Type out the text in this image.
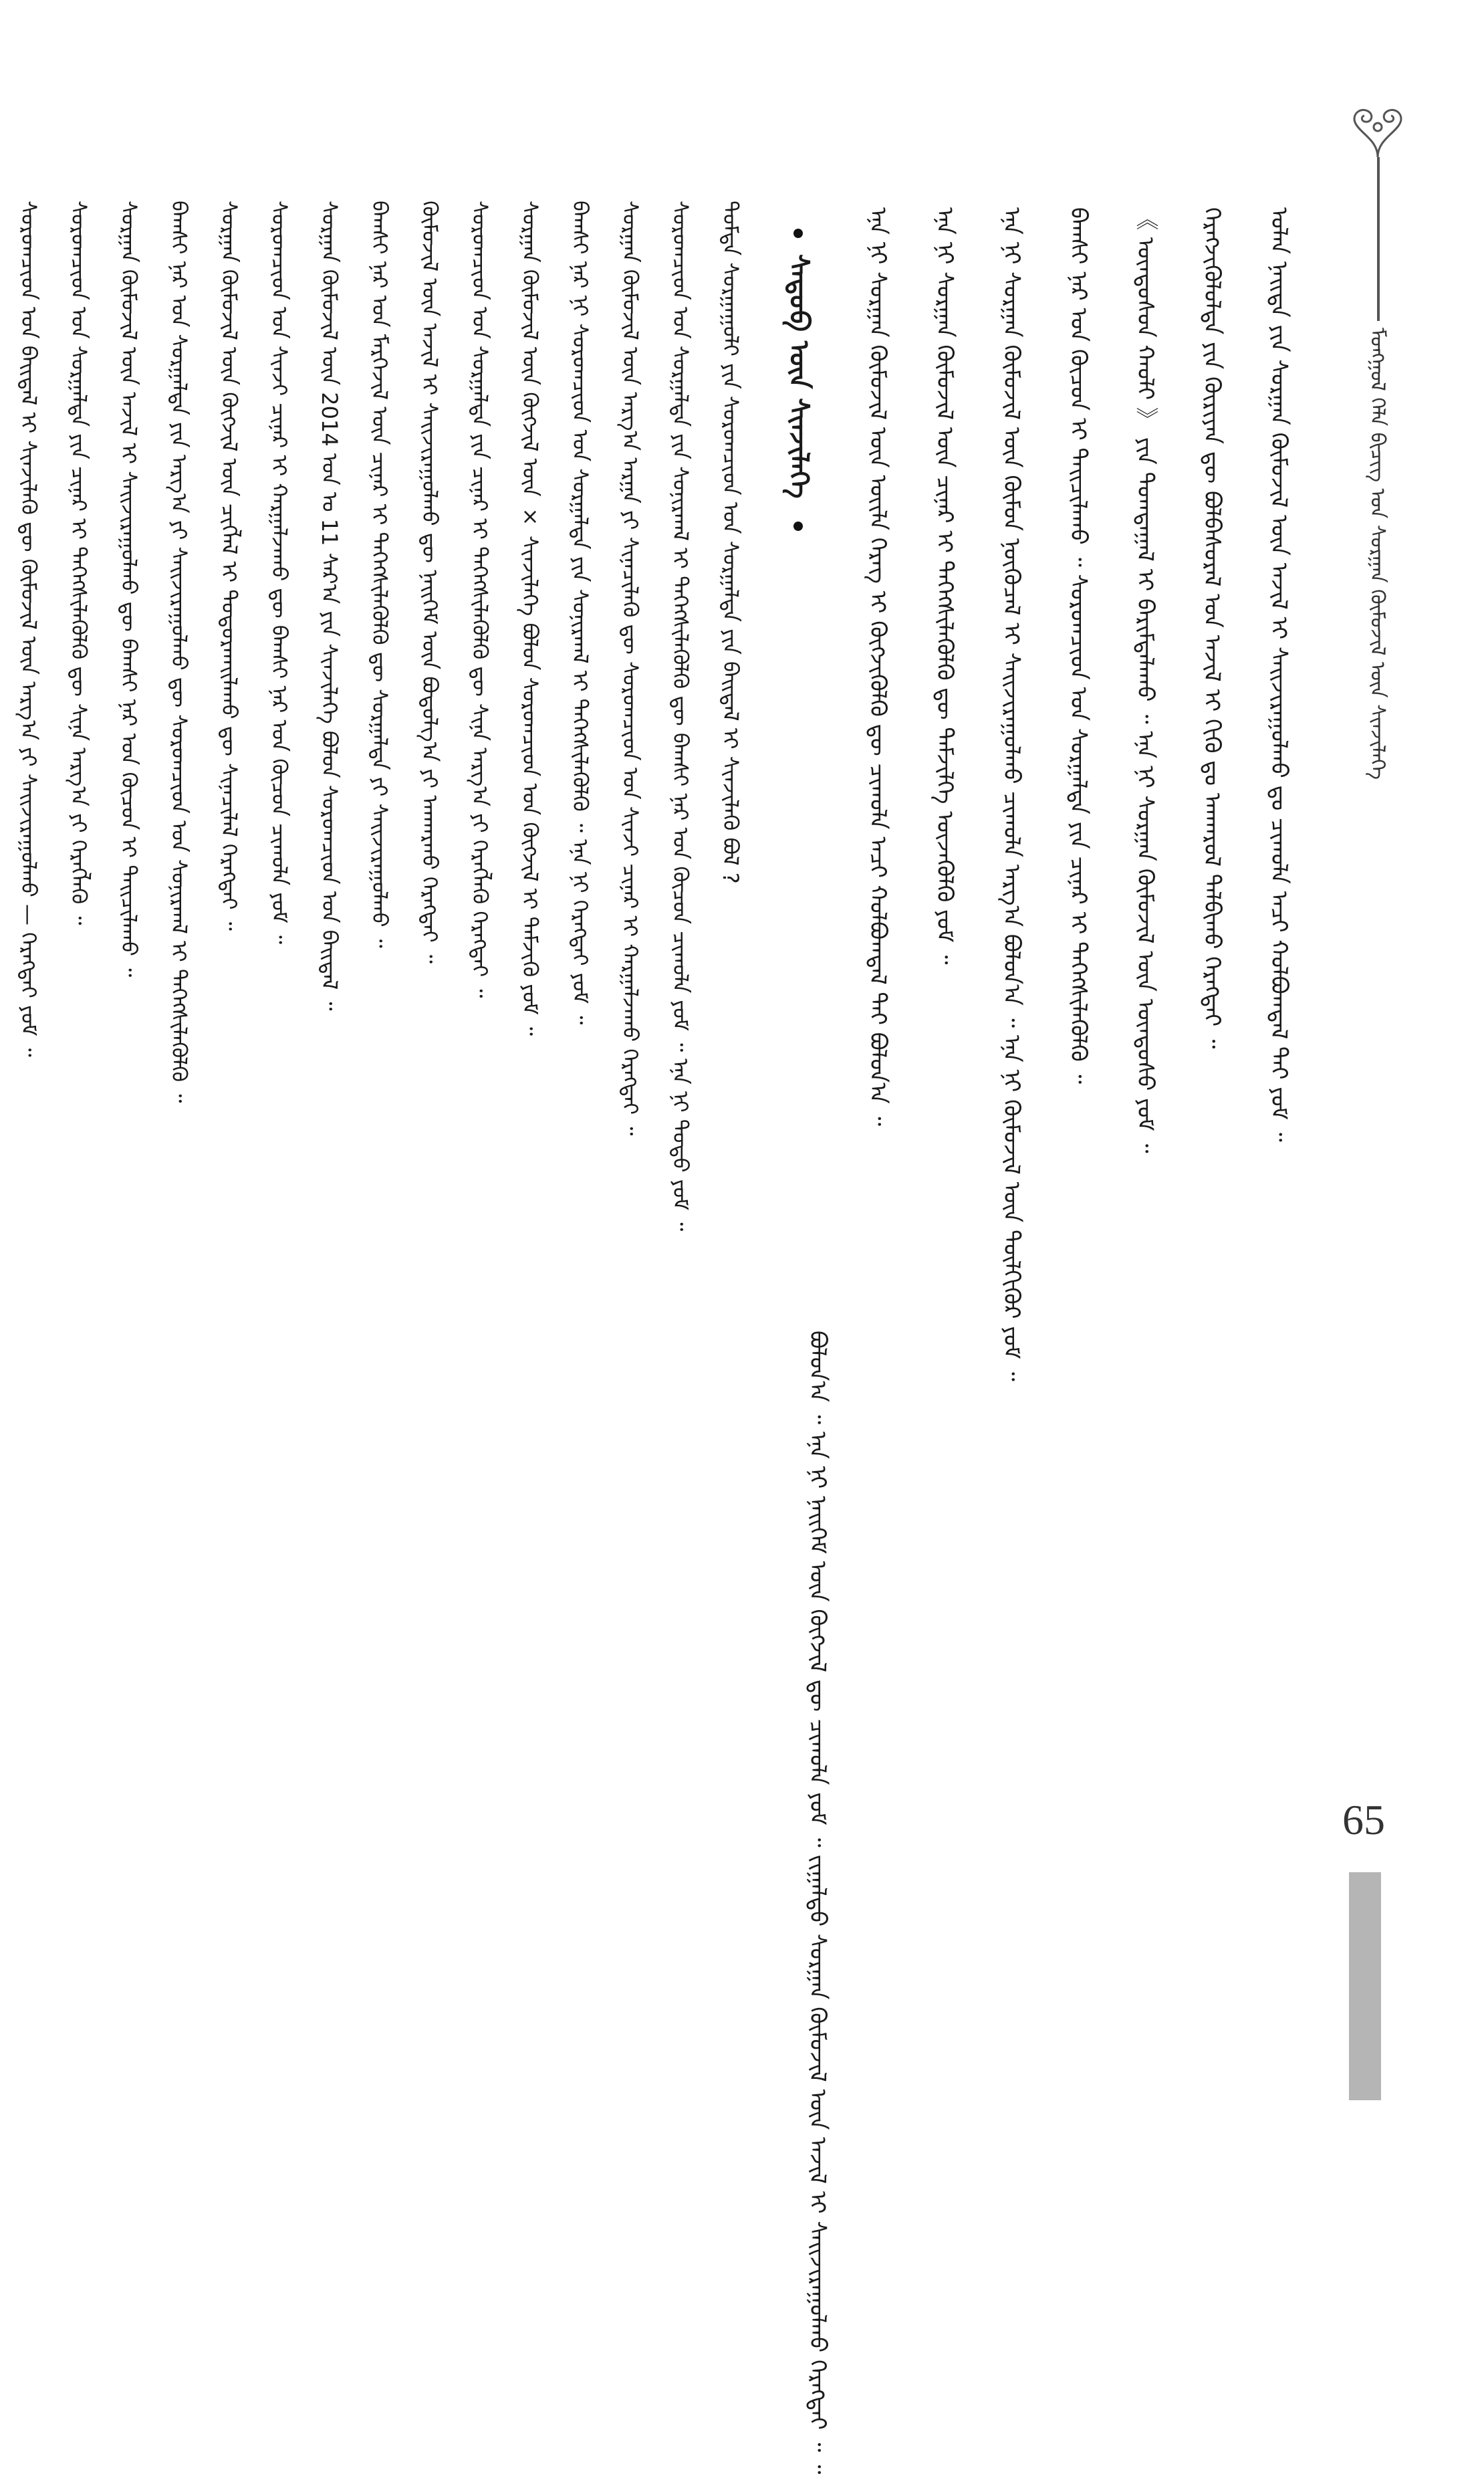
ᠮᠣᠩᠭᠣᠯ ᠬᠡᠯᠡ ᠪᠢᠴᠢᠭ ᠤᠨ ᠰᠤᠷᠭᠠᠨ ᠬᠦᠮᠦᠵᠢᠯ ᠦᠨ ᠰᠢᠨᠵᠢᠯᠡᠭᠡ
65
ᠣᠯᠠᠨ ᠨᠡᠢᠲᠡ ᠶᠢᠨ ᠰᠤᠷᠭᠠᠨ ᠬᠦᠮᠦᠵᠢᠯ ᠦᠨ ᠠᠵᠢᠯ ᠢ ᠰᠠᠢᠵᠢᠷᠠᠭᠤᠯᠬᠤ ᠳᠤ ᠴᠢᠬᠤᠯᠠ ᠠᠴᠢ ᠬᠣᠯᠪᠣᠭᠳᠠᠯ ᠲᠠᠢ ᠶᠤᠮ ᠃
ᠬᠡᠷᠡᠭᠵᠢᠭᠦᠯᠦᠯᠲᠡ ᠶᠢᠨ ᠬᠦᠷᠢᠶᠡᠨ ᠳᠦ ᠪᠣᠯᠪᠠᠰᠤᠷᠠᠯ ᠤᠨ ᠠᠵᠢᠯ ᠢ ᠬᠢᠬᠦ ᠳᠤ ᠠᠨᠬᠠᠷᠤᠯ ᠲᠠᠯᠪᠢᠬᠤ ᠬᠡᠷᠡᠭᠲᠡᠢ ᠃
《 ᠦᠨᠳᠦᠰᠦᠨ ᠬᠠᠤᠯᠢ 》 ᠶᠢᠨ ᠲᠣᠭᠲᠠᠭᠠᠯ ᠢ ᠪᠠᠷᠢᠮᠲᠠᠯᠠᠬᠤ ᠃ ᠡᠨᠡ ᠨᠢ ᠰᠤᠷᠭᠠᠨ ᠬᠦᠮᠦᠵᠢᠯ ᠦᠨ ᠦᠨᠳᠦᠰᠦ ᠶᠤᠮ ᠃
ᠪᠠᠭᠰᠢ ᠨᠠᠷ ᠤᠨ ᠬᠦᠴᠦᠨ ᠢ ᠳᠠᠢᠴᠢᠯᠠᠬᠤ ᠃ ᠰᠤᠷᠤᠭᠴᠢᠳ ᠤᠨ ᠰᠤᠷᠭᠠᠯᠲᠠ ᠶᠢᠨ ᠴᠢᠨᠠᠷ ᠢ ᠳᠡᠭᠡᠭᠰᠢᠯᠡᠭᠦᠯᠬᠦ ᠃
ᠡᠨᠡ ᠨᠢ ᠰᠤᠷᠭᠠᠨ ᠬᠦᠮᠦᠵᠢᠯ ᠦᠨ ᠬᠦᠮᠦᠨ ᠨᠦᠬᠦᠴᠡᠯ ᠢ ᠰᠠᠢᠵᠢᠷᠠᠭᠤᠯᠬᠤ ᠴᠢᠬᠤᠯᠠ ᠠᠷᠭ᠎ᠠ ᠪᠣᠯᠤᠨ᠎ᠠ ᠃ ᠡᠨᠡ ᠨᠢ ᠬᠦᠮᠦᠵᠢᠯ ᠦᠨ ᠲᠦᠯᠬᠢᠭᠦᠷ ᠶᠤᠮ ᠃
ᠡᠨᠡ ᠨᠢ ᠰᠤᠷᠭᠠᠨ ᠬᠦᠮᠦᠵᠢᠯ ᠦᠨ ᠴᠢᠨᠠᠷ ᠢ ᠳᠡᠭᠡᠭᠰᠢᠯᠡᠭᠦᠯᠬᠦ ᠳᠦ ᠳᠡᠮᠵᠢᠯᠭᠡ ᠦᠵᠡᠭᠦᠯᠬᠦ ᠶᠤᠮ ᠃
ᠡᠨᠡ ᠨᠢ ᠰᠤᠷᠭᠠᠨ ᠬᠦᠮᠦᠵᠢᠯ ᠦᠨ ᠦᠢᠯᠡ ᠬᠡᠷᠡᠭ ᠢ ᠬᠦᠭᠵᠢᠭᠦᠯᠬᠦ ᠳᠦ ᠴᠢᠬᠤᠯᠠ ᠠᠴᠢ ᠬᠣᠯᠪᠣᠭᠳᠠᠯ ᠲᠠᠢ ᠪᠣᠯᠤᠨ᠎ᠠ ᠃
ᠪᠣᠯᠤᠨ᠎ᠠ ᠃ ᠡᠨᠡ ᠨᠢ ᠨᠡᠢᠭᠡᠮ ᠦᠨ ᠬᠦᠭᠵᠢᠯ ᠳᠦ ᠴᠢᠬᠤᠯᠠ ᠶᠤᠮ ᠃ ᠵᠢᠭᠠᠯᠳᠤ ᠰᠤᠷᠭᠠᠨ ᠬᠦᠮᠦᠵᠢᠯ ᠦᠨ ᠠᠵᠢᠯ ᠢ ᠰᠠᠢᠵᠢᠷᠠᠭᠤᠯᠬᠤ ᠬᠡᠷᠡᠭᠲᠡᠢ ᠃ ᠃
ᠰᠡᠳᠦᠪ ᠦᠨ ᠰᠢᠨᠵᠢᠯᠡᠭᠡ
ᠳᠤᠮᠳᠠ ᠰᠤᠷᠭᠠᠭᠤᠯᠢ ᠶᠢᠨ ᠰᠤᠷᠤᠭᠴᠢᠳ ᠤᠨ ᠰᠤᠷᠭᠠᠯᠲᠠ ᠶᠢᠨ ᠪᠠᠢᠳᠠᠯ ᠢ ᠰᠢᠨᠵᠢᠯᠡᠬᠦ ᠪᠣᠯ ?
ᠰᠤᠷᠤᠭᠴᠢᠳ ᠤᠨ ᠰᠤᠷᠭᠠᠯᠲᠠ ᠶᠢᠨ ᠰᠣᠨᠢᠷᠬᠠᠯ ᠢ ᠳᠡᠭᠡᠭᠰᠢᠯᠡᠭᠦᠯᠬᠦ ᠳᠦ ᠪᠠᠭᠰᠢ ᠨᠠᠷ ᠤᠨ ᠬᠦᠴᠦᠨ ᠴᠢᠬᠤᠯᠠ ᠶᠤᠮ ᠃ ᠡᠨᠡ ᠨᠢ ᠲᠣᠳᠣ ᠶᠤᠮ ᠃
ᠰᠤᠷᠭᠠᠨ ᠬᠦᠮᠦᠵᠢᠯ ᠦᠨ ᠠᠷᠭ᠎ᠠ ᠠᠷᠭᠠ ᠶᠢ ᠰᠢᠨᠡᠴᠢᠯᠡᠬᠦ ᠳᠦ ᠰᠤᠷᠤᠭᠴᠢᠳ ᠤᠨ ᠰᠢᠨᠵᠢ ᠴᠢᠨᠠᠷ ᠢ ᠬᠠᠷᠭᠠᠯᠵᠠᠬᠤ ᠬᠡᠷᠡᠭᠲᠡᠢ ᠃
ᠪᠠᠭᠰᠢ ᠨᠠᠷ ᠨᠢ ᠰᠤᠷᠤᠭᠴᠢᠳ ᠤᠨ ᠰᠤᠷᠭᠠᠯᠲᠠ ᠶᠢᠨ ᠰᠣᠨᠢᠷᠬᠠᠯ ᠢ ᠳᠡᠭᠡᠭᠰᠢᠯᠡᠭᠦᠯᠬᠦ ᠃ ᠡᠨᠡ ᠨᠢ ᠬᠡᠷᠡᠭᠲᠡᠢ ᠶᠤᠮ ᠃
ᠰᠤᠷᠭᠠᠨ ᠬᠦᠮᠦᠵᠢᠯ ᠦᠨ ᠬᠦᠭᠵᠢᠯ ᠦᠨ × ᠰᠢᠨᠵᠢᠯᠡᠭᠡ ᠪᠣᠯᠤᠨ ᠰᠤᠷᠤᠭᠴᠢᠳ ᠤᠨ ᠬᠦᠭᠵᠢᠯ ᠢ ᠳᠡᠮᠵᠢᠬᠦ ᠶᠤᠮ ᠃
ᠰᠤᠷᠤᠭᠴᠢᠳ ᠤᠨ ᠰᠤᠷᠭᠠᠯᠲᠠ ᠶᠢᠨ ᠴᠢᠨᠠᠷ ᠢ ᠳᠡᠭᠡᠭᠰᠢᠯᠡᠭᠦᠯᠬᠦ ᠳᠦ ᠰᠢᠨᠡ ᠠᠷᠭ᠎ᠠ ᠶᠢ ᠬᠡᠷᠡᠭᠯᠡᠬᠦ ᠬᠡᠷᠡᠭᠲᠡᠢ ᠃
ᠬᠦᠮᠦᠵᠢᠯ ᠦᠨ ᠠᠵᠢᠯ ᠢ ᠰᠠᠢᠵᠢᠷᠠᠭᠤᠯᠬᠤ ᠳᠦ ᠨᠡᠢᠭᠡᠮ ᠦᠨ ᠪᠣᠳᠤᠯᠭ᠎ᠠ ᠶᠢ ᠠᠨᠬᠠᠷᠬᠤ ᠬᠡᠷᠡᠭᠲᠡᠢ ᠃
ᠪᠠᠭᠰᠢ ᠨᠠᠷ ᠤᠨ ᠮᠡᠷᠭᠡᠵᠢᠯ ᠦᠨ ᠴᠢᠨᠠᠷ ᠢ ᠳᠡᠭᠡᠭᠰᠢᠯᠡᠭᠦᠯᠬᠦ ᠳᠦ ᠰᠤᠷᠭᠠᠯᠲᠠ ᠶᠢ ᠰᠠᠢᠵᠢᠷᠠᠭᠤᠯᠬᠤ ᠃
ᠰᠤᠷᠭᠠᠨ ᠬᠦᠮᠦᠵᠢᠯ ᠦᠨ 2014 ᠣᠨ ᠤ 11 ᠰᠠᠷ᠎ᠠ ᠶᠢᠨ ᠰᠢᠨᠵᠢᠯᠡᠭᠡ ᠪᠣᠯᠤᠨ ᠰᠤᠷᠤᠭᠴᠢᠳ ᠤᠨ ᠪᠠᠢᠳᠠᠯ ᠃
ᠰᠤᠷᠤᠭᠴᠢᠳ ᠤᠨ ᠰᠢᠨᠵᠢ ᠴᠢᠨᠠᠷ ᠢ ᠬᠠᠷᠭᠠᠯᠵᠠᠬᠤ ᠳᠦ ᠪᠠᠭᠰᠢ ᠨᠠᠷ ᠤᠨ ᠬᠦᠴᠦᠨ ᠴᠢᠬᠤᠯᠠ ᠶᠤᠮ ᠃
ᠰᠤᠷᠭᠠᠨ ᠬᠦᠮᠦᠵᠢᠯ ᠦᠨ ᠬᠦᠭᠵᠢᠯ ᠦᠨ ᠴᠢᠭᠯᠡᠯ ᠢ ᠲᠣᠳᠣᠷᠬᠠᠢᠯᠠᠬᠤ ᠳᠦ ᠰᠢᠨᠡᠴᠢᠯᠡᠯ ᠬᠡᠷᠡᠭᠲᠡᠢ ᠃
ᠪᠠᠭᠰᠢ ᠨᠠᠷ ᠤᠨ ᠰᠤᠷᠭᠠᠯᠲᠠ ᠶᠢᠨ ᠠᠷᠭ᠎ᠠ ᠶᠢ ᠰᠠᠢᠵᠢᠷᠠᠭᠤᠯᠬᠤ ᠳᠦ ᠰᠤᠷᠤᠭᠴᠢᠳ ᠤᠨ ᠰᠣᠨᠢᠷᠬᠠᠯ ᠢ ᠳᠡᠭᠡᠭᠰᠢᠯᠡᠭᠦᠯᠬᠦ ᠃
ᠰᠤᠷᠭᠠᠨ ᠬᠦᠮᠦᠵᠢᠯ ᠦᠨ ᠠᠵᠢᠯ ᠢ ᠰᠠᠢᠵᠢᠷᠠᠭᠤᠯᠬᠤ ᠳᠦ ᠪᠠᠭᠰᠢ ᠨᠠᠷ ᠤᠨ ᠬᠦᠴᠦᠨ ᠢ ᠳᠠᠢᠴᠢᠯᠠᠬᠤ ᠃
ᠰᠤᠷᠤᠭᠴᠢᠳ ᠤᠨ ᠰᠤᠷᠭᠠᠯᠲᠠ ᠶᠢᠨ ᠴᠢᠨᠠᠷ ᠢ ᠳᠡᠭᠡᠭᠰᠢᠯᠡᠭᠦᠯᠬᠦ ᠳᠦ ᠰᠢᠨᠡ ᠠᠷᠭ᠎ᠠ ᠶᠢ ᠬᠡᠷᠡᠭᠯᠡᠬᠦ ᠃
ᠰᠤᠷᠤᠭᠴᠢᠳ ᠤᠨ ᠪᠠᠢᠳᠠᠯ ᠢ ᠰᠢᠨᠵᠢᠯᠡᠬᠦ ᠳᠦ ᠬᠦᠮᠦᠵᠢᠯ ᠦᠨ ᠠᠷᠭ᠎ᠠ ᠶᠢ ᠰᠠᠢᠵᠢᠷᠠᠭᠤᠯᠬᠤ — ᠬᠡᠷᠡᠭᠲᠡᠢ ᠶᠤᠮ ᠃
